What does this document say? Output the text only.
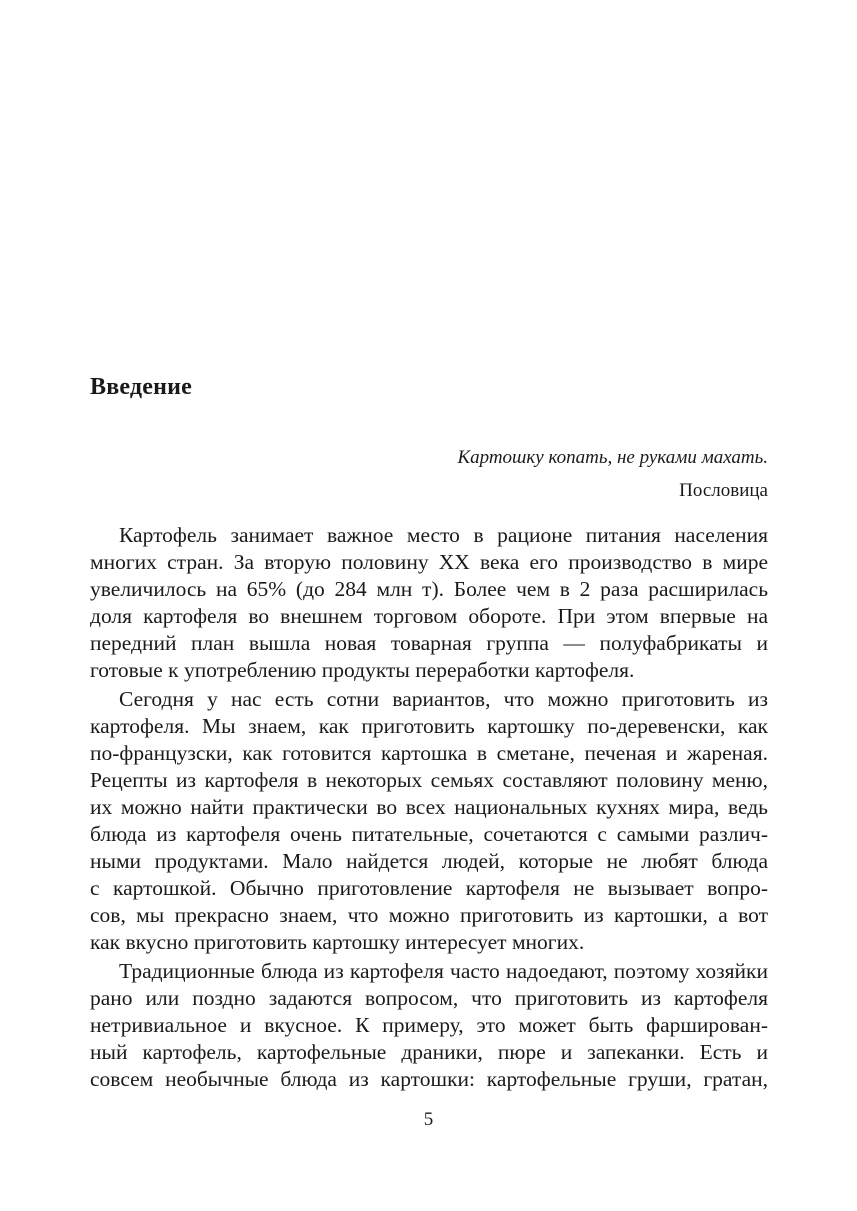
Введение
Картошку копать, не руками махать.
Пословица
Картофель занимает важное место в рационе питания населения
многих стран. За вторую половину XX века его производство в мире
увеличилось на 65% (до 284 млн т). Более чем в 2 раза расширилась
доля картофеля во внешнем торговом обороте. При этом впервые на
передний план вышла новая товарная группа — полуфабрикаты и
готовые к употреблению продукты переработки картофеля.
Сегодня у нас есть сотни вариантов, что можно приготовить из
картофеля. Мы знаем, как приготовить картошку по-деревенски, как
по-французски, как готовится картошка в сметане, печеная и жареная.
Рецепты из картофеля в некоторых семьях составляют половину меню,
их можно найти практически во всех национальных кухнях мира, ведь
блюда из картофеля очень питательные, сочетаются с самыми различ-
ными продуктами. Мало найдется людей, которые не любят блюда
с картошкой. Обычно приготовление картофеля не вызывает вопро-
сов, мы прекрасно знаем, что можно приготовить из картошки, а вот
как вкусно приготовить картошку интересует многих.
Традиционные блюда из картофеля часто надоедают, поэтому хозяйки
рано или поздно задаются вопросом, что приготовить из картофеля
нетривиальное и вкусное. К примеру, это может быть фарширован-
ный картофель, картофельные драники, пюре и запеканки. Есть и
совсем необычные блюда из картошки: картофельные груши, гратан,
5
